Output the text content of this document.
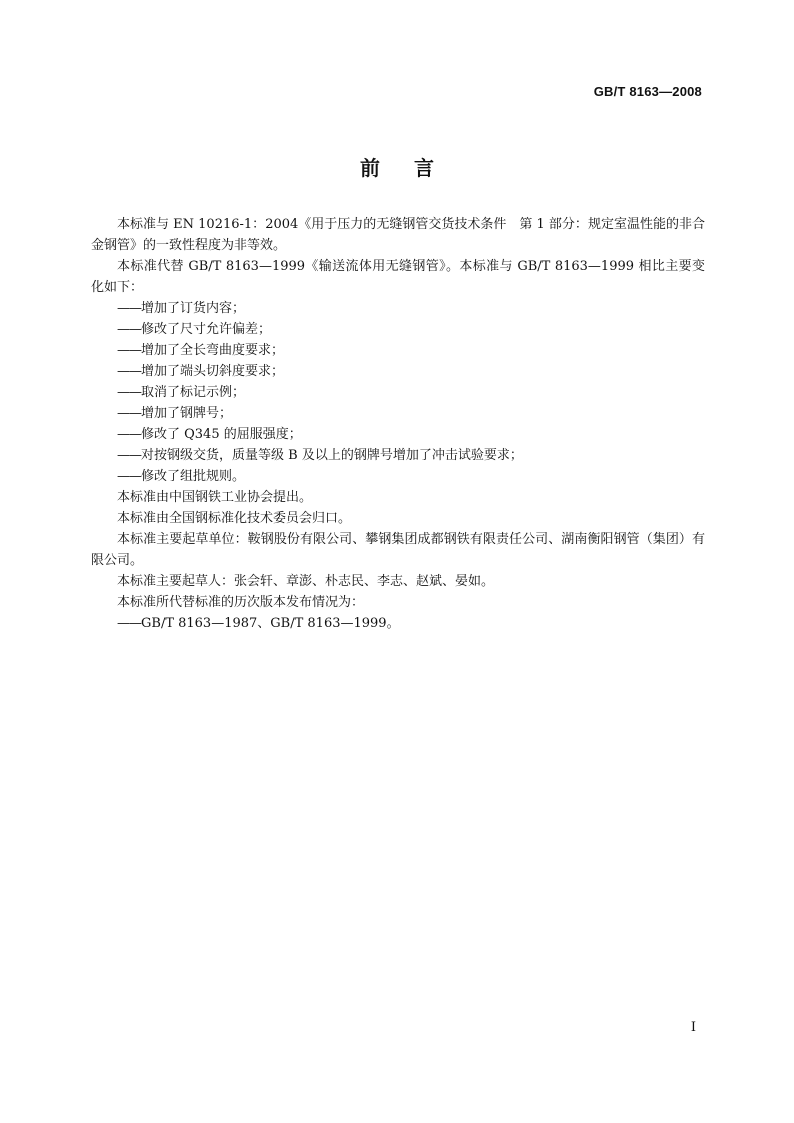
GB/T 8163—2008
前言

本标准与 EN 10216-1：2004《用于压力的无缝钢管交货技术条件　第 1 部分：规定室温性能的非合金钢管》的一致性程度为非等效。

本标准代替 GB/T 8163—1999《输送流体用无缝钢管》。本标准与 GB/T 8163—1999 相比主要变化如下：

——增加了订货内容；

——修改了尺寸允许偏差；

——增加了全长弯曲度要求；

——增加了端头切斜度要求；

——取消了标记示例；

——增加了钢牌号；

——修改了 Q345 的屈服强度；

——对按钢级交货，质量等级 B 及以上的钢牌号增加了冲击试验要求；

——修改了组批规则。

本标准由中国钢铁工业协会提出。

本标准由全国钢标准化技术委员会归口。

本标准主要起草单位：鞍钢股份有限公司、攀钢集团成都钢铁有限责任公司、湖南衡阳钢管（集团）有限公司。

本标准主要起草人：张会轩、章澎、朴志民、李志、赵斌、晏如。

本标准所代替标准的历次版本发布情况为：

——GB/T 8163—1987、GB/T 8163—1999。

I
